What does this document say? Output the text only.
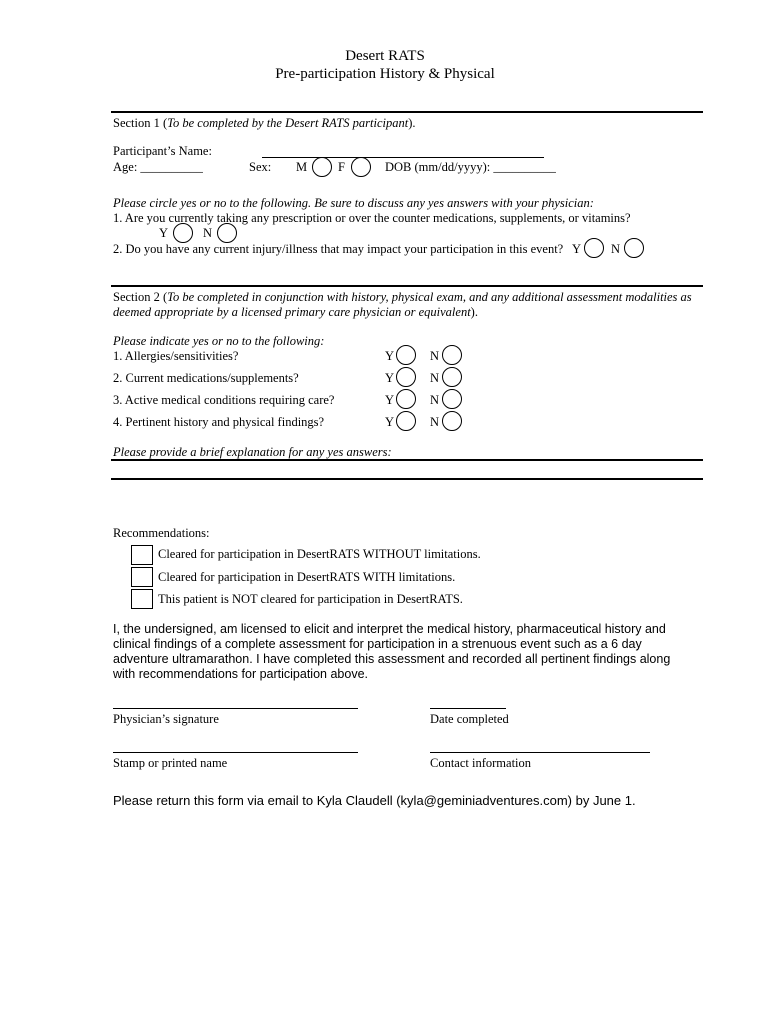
Desert RATS
Pre-participation History & Physical
Section 1 (To be completed by the Desert RATS participant).
Participant’s Name:
Age: __________	Sex: M F	DOB (mm/dd/yyyy): __________
Please circle yes or no to the following. Be sure to discuss any yes answers with your physician:
1. Are you currently taking any prescription or over the counter medications, supplements, or vitamins?
Y	N
2. Do you have any current injury/illness that may impact your participation in this event? Y N
Section 2 (To be completed in conjunction with history, physical exam, and any additional assessment modalities as
deemed appropriate by a licensed primary care physician or equivalent).
Please indicate yes or no to the following:
1. Allergies/sensitivities?	Y	N
2. Current medications/supplements?	Y	N
3. Active medical conditions requiring care?	Y	N
4. Pertinent history and physical findings?	Y	N
Please provide a brief explanation for any yes answers:
Recommendations:
Cleared for participation in DesertRATS WITHOUT limitations.
Cleared for participation in DesertRATS WITH limitations.
This patient is NOT cleared for participation in DesertRATS.
I, the undersigned, am licensed to elicit and interpret the medical history, pharmaceutical history and
clinical findings of a complete assessment for participation in a strenuous event such as a 6 day
adventure ultramarathon. I have completed this assessment and recorded all pertinent findings along
with recommendations for participation above.
Physician’s signature	Date completed
Stamp or printed name	Contact information
Please return this form via email to Kyla Claudell (kyla@geminiadventures.com) by June 1.
